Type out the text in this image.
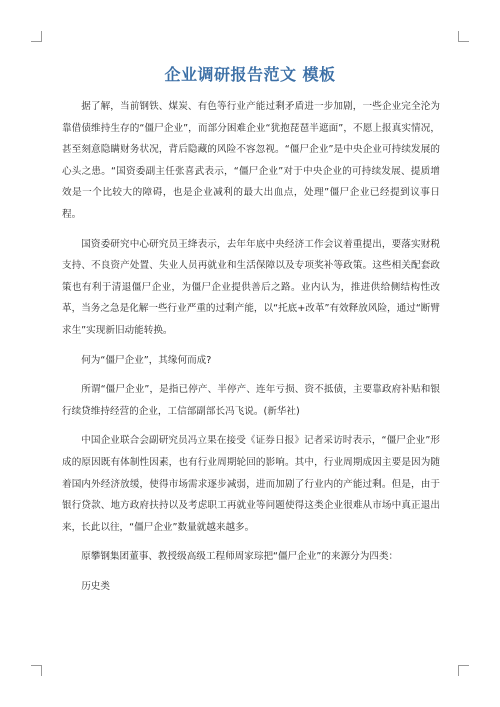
企业调研报告范文 模板

据了解，当前钢铁、煤炭、有色等行业产能过剩矛盾进一步加剧，一些企业完全沦为靠借债维持生存的“僵尸企业”，而部分困难企业“犹抱琵琶半遮面”，不愿上报真实情况，甚至刻意隐瞒财务状况，背后隐藏的风险不容忽视。“僵尸企业”是中央企业可持续发展的心头之患。“国资委副主任张喜武表示，“僵尸企业”对于中央企业的可持续发展、提质增效是一个比较大的障碍，也是企业减利的最大出血点，处理”僵尸企业已经提到议事日程。

国资委研究中心研究员王绛表示，去年年底中央经济工作会议着重提出，要落实财税支持、不良资产处置、失业人员再就业和生活保障以及专项奖补等政策。这些相关配套政策也有利于清退僵尸企业，为僵尸企业提供善后之路。业内认为，推进供给侧结构性改革，当务之急是化解一些行业严重的过剩产能，以“托底+改革”有效释放风险，通过“断臂求生”实现新旧动能转换。

何为“僵尸企业”，其缘何而成?

所谓“僵尸企业”，是指已停产、半停产、连年亏损、资不抵债，主要靠政府补贴和银行续贷维持经营的企业，工信部副部长冯飞说。(新华社)

中国企业联合会副研究员冯立果在接受《证券日报》记者采访时表示，“僵尸企业”形成的原因既有体制性因素，也有行业周期轮回的影响。其中，行业周期成因主要是因为随着国内外经济放缓，使得市场需求逐步减弱，进而加剧了行业内的产能过剩。但是，由于银行贷款、地方政府扶持以及考虑职工再就业等问题使得这类企业很难从市场中真正退出来，长此以往，“僵尸企业”数量就越来越多。

原攀钢集团董事、教授级高级工程师周家琮把“僵尸企业”的来源分为四类：

历史类
